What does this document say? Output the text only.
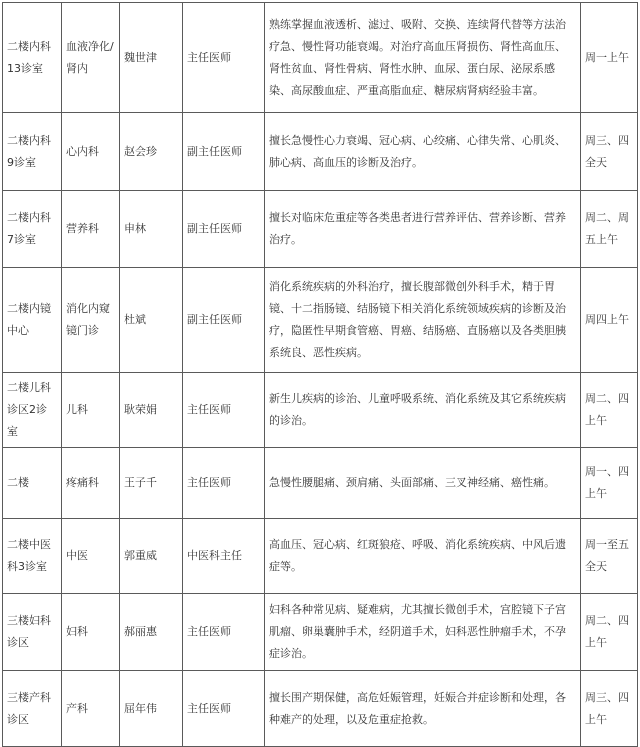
二楼内科13诊室	血液净化/肾内	魏世津	主任医师	熟练掌握血液透析、滤过、吸附、交换、连续肾代替等方法治疗急、慢性肾功能衰竭。对治疗高血压肾损伤、肾性高血压、肾性贫血、肾性骨病、肾性水肿、血尿、蛋白尿、泌尿系感染、高尿酸血症、严重高脂血症、糖尿病肾病经验丰富。	周一上午
二楼内科9诊室	心内科	赵会珍	副主任医师	擅长急慢性心力衰竭、冠心病、心绞痛、心律失常、心肌炎、肺心病、高血压的诊断及治疗。	周三、四全天
二楼内科7诊室	营养科	申林	副主任医师	擅长对临床危重症等各类患者进行营养评估、营养诊断、营养治疗。	周二、周五上午
二楼内镜中心	消化内窥镜门诊	杜斌	副主任医师	消化系统疾病的外科治疗，擅长腹部微创外科手术，精于胃镜、十二指肠镜、结肠镜下相关消化系统领域疾病的诊断及治疗，隐匿性早期食管癌、胃癌、结肠癌、直肠癌以及各类胆胰系统良、恶性疾病。	周四上午
二楼儿科诊区2诊室	儿科	耿荣娟	主任医师	新生儿疾病的诊治、儿童呼吸系统、消化系统及其它系统疾病的诊治。	周二、四上午
二楼	疼痛科	王子千	主任医师	急慢性腰腿痛、颈肩痛、头面部痛、三叉神经痛、癌性痛。	周一、四上午
二楼中医科3诊室	中医	郭重威	中医科主任	高血压、冠心病、红斑狼疮、呼吸、消化系统疾病、中风后遗症等。	周一至五全天
三楼妇科诊区	妇科	郝丽惠	主任医师	妇科各种常见病、疑难病，尤其擅长微创手术，宫腔镜下子宫肌瘤、卵巢囊肿手术，经阴道手术，妇科恶性肿瘤手术，不孕症诊治。	周二、四上午
三楼产科诊区	产科	屈年伟	主任医师	擅长围产期保健，高危妊娠管理，妊娠合并症诊断和处理，各种难产的处理，以及危重症抢救。	周三、四上午
